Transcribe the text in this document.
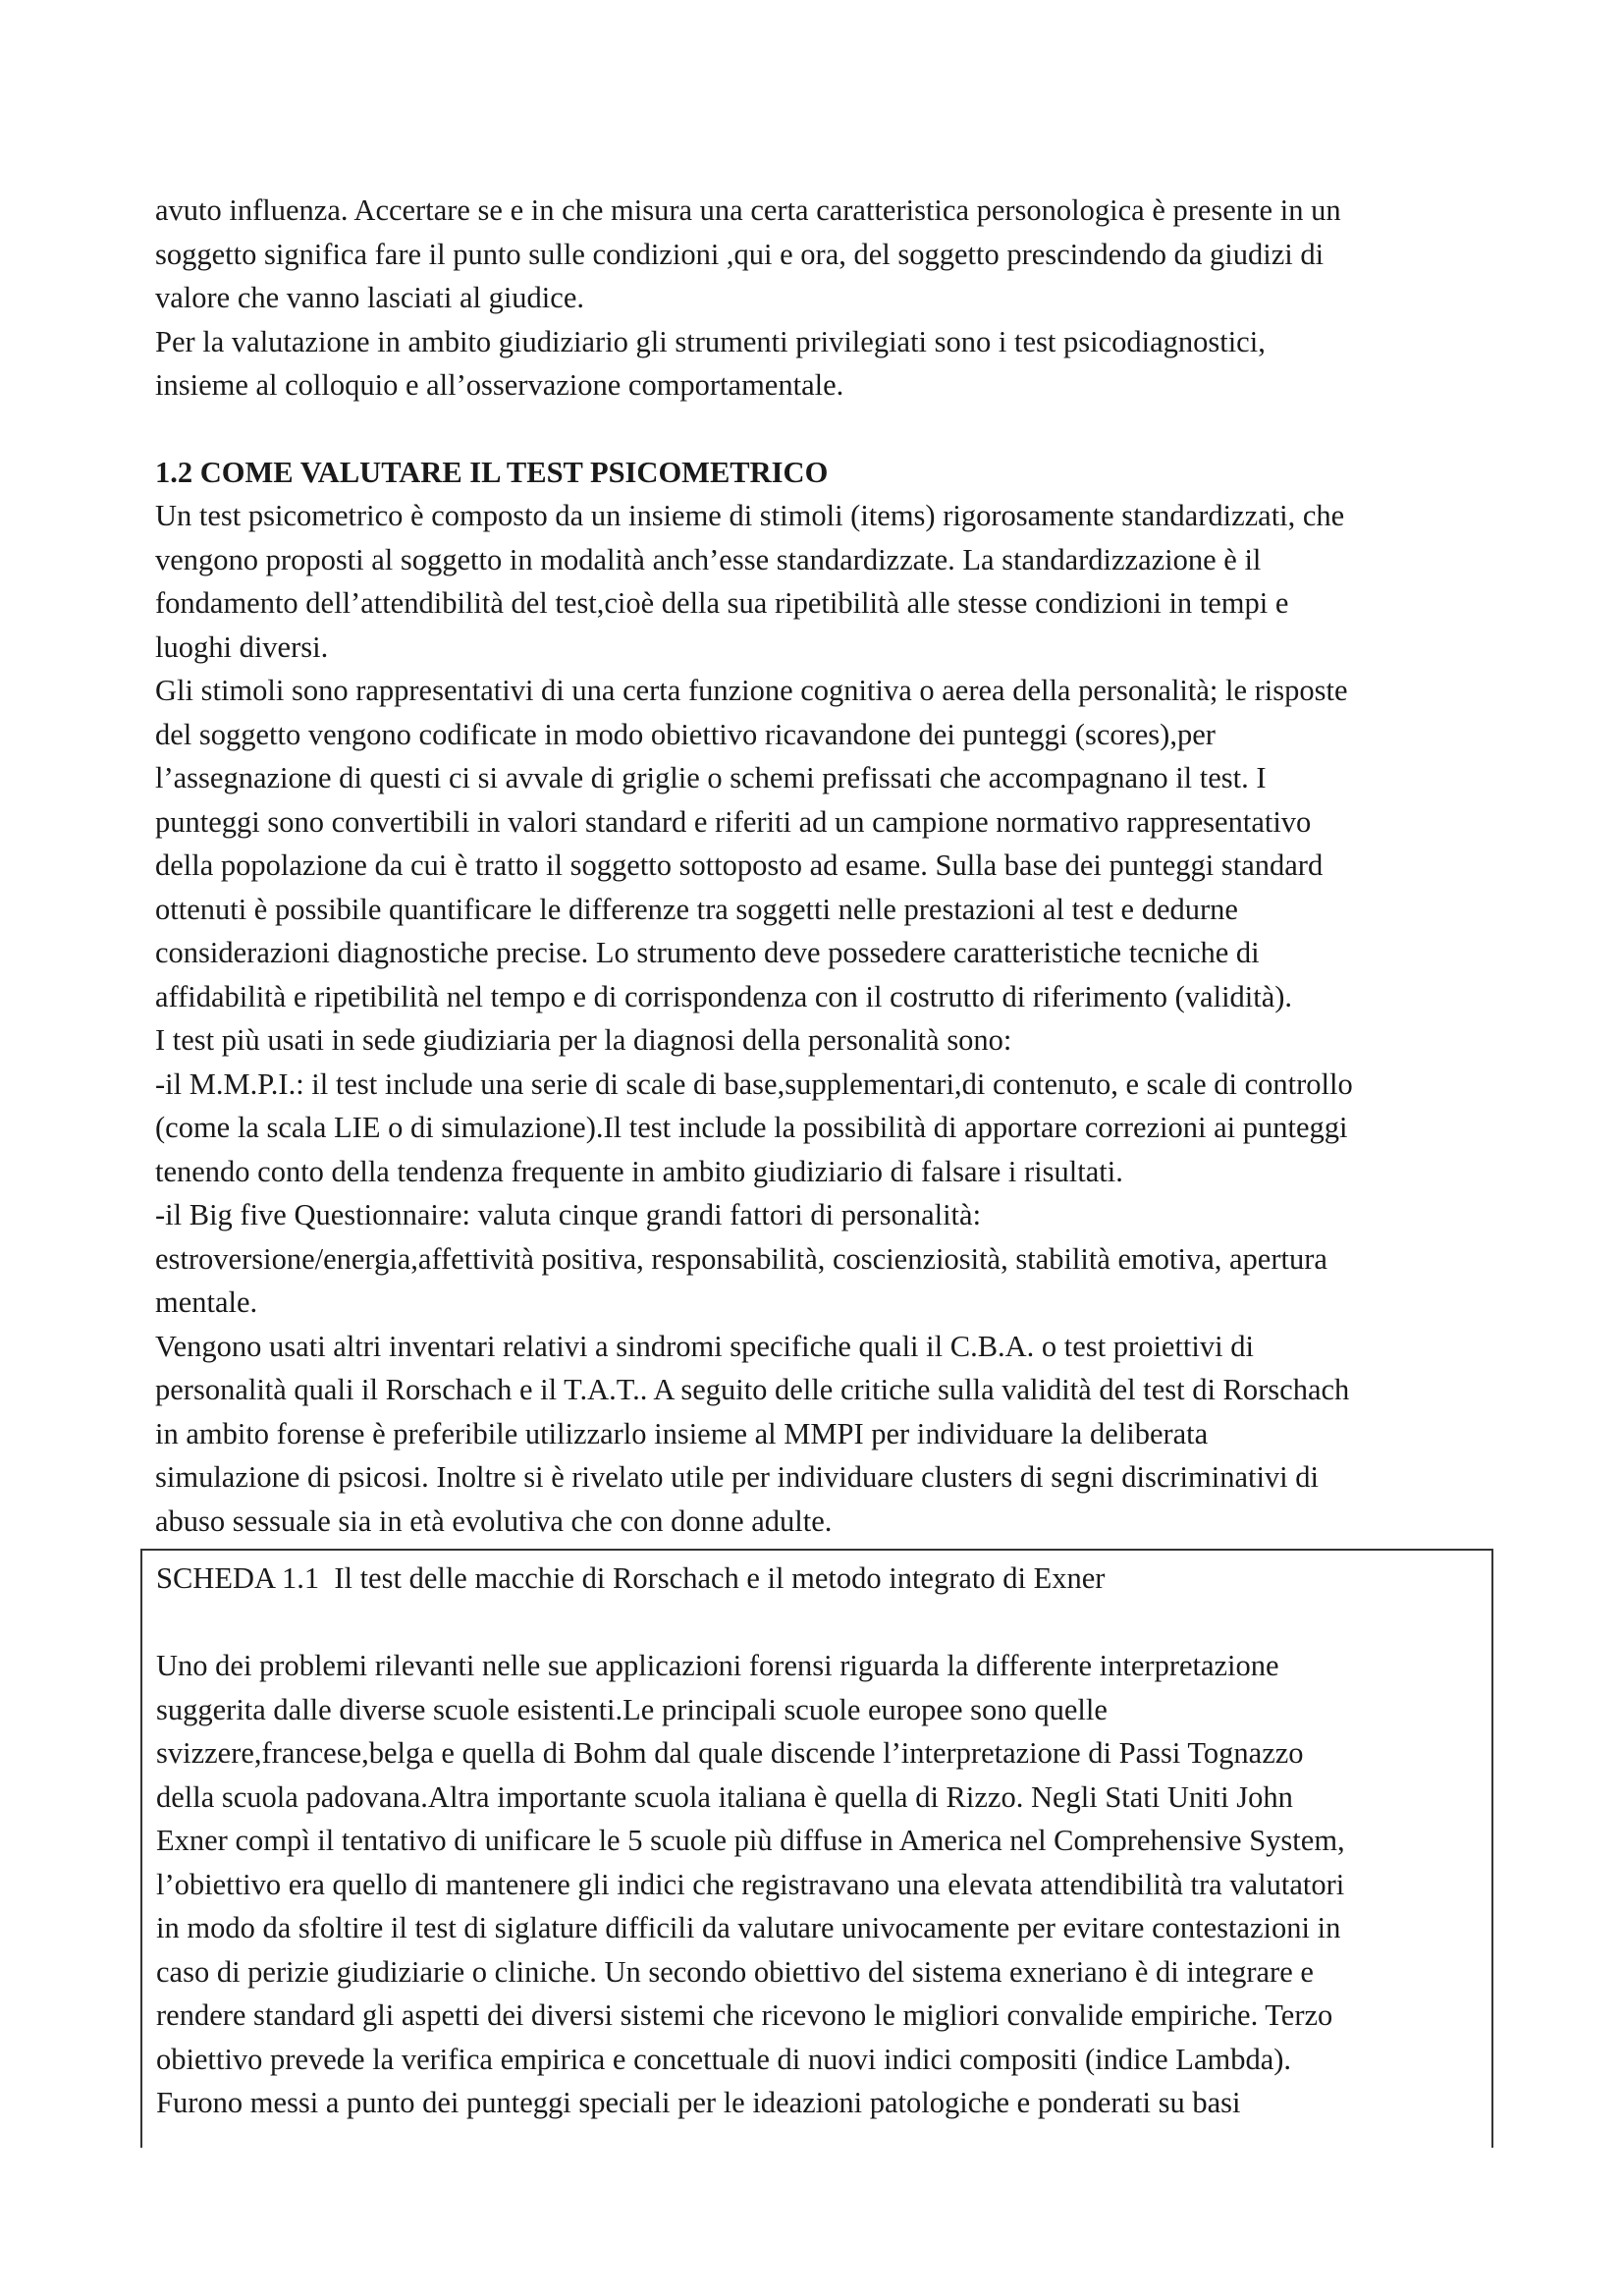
avuto influenza. Accertare se e in che misura una certa caratteristica personologica è presente in un
soggetto significa fare il punto sulle condizioni ,qui e ora, del soggetto prescindendo da giudizi di
valore che vanno lasciati al giudice.
Per la valutazione in ambito giudiziario gli strumenti privilegiati sono i test psicodiagnostici,
insieme al colloquio e all’osservazione comportamentale.

1.2 COME VALUTARE IL TEST PSICOMETRICO

Un test psicometrico è composto da un insieme di stimoli (items) rigorosamente standardizzati, che
vengono proposti al soggetto in modalità anch’esse standardizzate. La standardizzazione è il
fondamento dell’attendibilità del test,cioè della sua ripetibilità alle stesse condizioni in tempi e
luoghi diversi.
Gli stimoli sono rappresentativi di una certa funzione cognitiva o aerea della personalità; le risposte
del soggetto vengono codificate in modo obiettivo ricavandone dei punteggi (scores),per
l’assegnazione di questi ci si avvale di griglie o schemi prefissati che accompagnano il test. I
punteggi sono convertibili in valori standard e riferiti ad un campione normativo rappresentativo
della popolazione da cui è tratto il soggetto sottoposto ad esame. Sulla base dei punteggi standard
ottenuti è possibile quantificare le differenze tra soggetti nelle prestazioni al test e dedurne
considerazioni diagnostiche precise. Lo strumento deve possedere caratteristiche tecniche di
affidabilità e ripetibilità nel tempo e di corrispondenza con il costrutto di riferimento (validità).
I test più usati in sede giudiziaria per la diagnosi della personalità sono:
-il M.M.P.I.: il test include una serie di scale di base,supplementari,di contenuto, e scale di controllo
(come la scala LIE o di simulazione).Il test include la possibilità di apportare correzioni ai punteggi
tenendo conto della tendenza frequente in ambito giudiziario di falsare i risultati.
-il Big five Questionnaire: valuta cinque grandi fattori di personalità:
estroversione/energia,affettività positiva, responsabilità, coscienziosità, stabilità emotiva, apertura
mentale.
Vengono usati altri inventari relativi a sindromi specifiche quali il C.B.A. o test proiettivi di
personalità quali il Rorschach e il T.A.T.. A seguito delle critiche sulla validità del test di Rorschach
in ambito forense è preferibile utilizzarlo insieme al MMPI per individuare la deliberata
simulazione di psicosi. Inoltre si è rivelato utile per individuare clusters di segni discriminativi di
abuso sessuale sia in età evolutiva che con donne adulte.

SCHEDA 1.1  Il test delle macchie di Rorschach e il metodo integrato di Exner

Uno dei problemi rilevanti nelle sue applicazioni forensi riguarda la differente interpretazione
suggerita dalle diverse scuole esistenti.Le principali scuole europee sono quelle
svizzere,francese,belga e quella di Bohm dal quale discende l’interpretazione di Passi Tognazzo
della scuola padovana.Altra importante scuola italiana è quella di Rizzo. Negli Stati Uniti John
Exner compì il tentativo di unificare le 5 scuole più diffuse in America nel Comprehensive System,
l’obiettivo era quello di mantenere gli indici che registravano una elevata attendibilità tra valutatori
in modo da sfoltire il test di siglature difficili da valutare univocamente per evitare contestazioni in
caso di perizie giudiziarie o cliniche. Un secondo obiettivo del sistema exneriano è di integrare e
rendere standard gli aspetti dei diversi sistemi che ricevono le migliori convalide empiriche. Terzo
obiettivo prevede la verifica empirica e concettuale di nuovi indici compositi (indice Lambda).
Furono messi a punto dei punteggi speciali per le ideazioni patologiche e ponderati su basi
